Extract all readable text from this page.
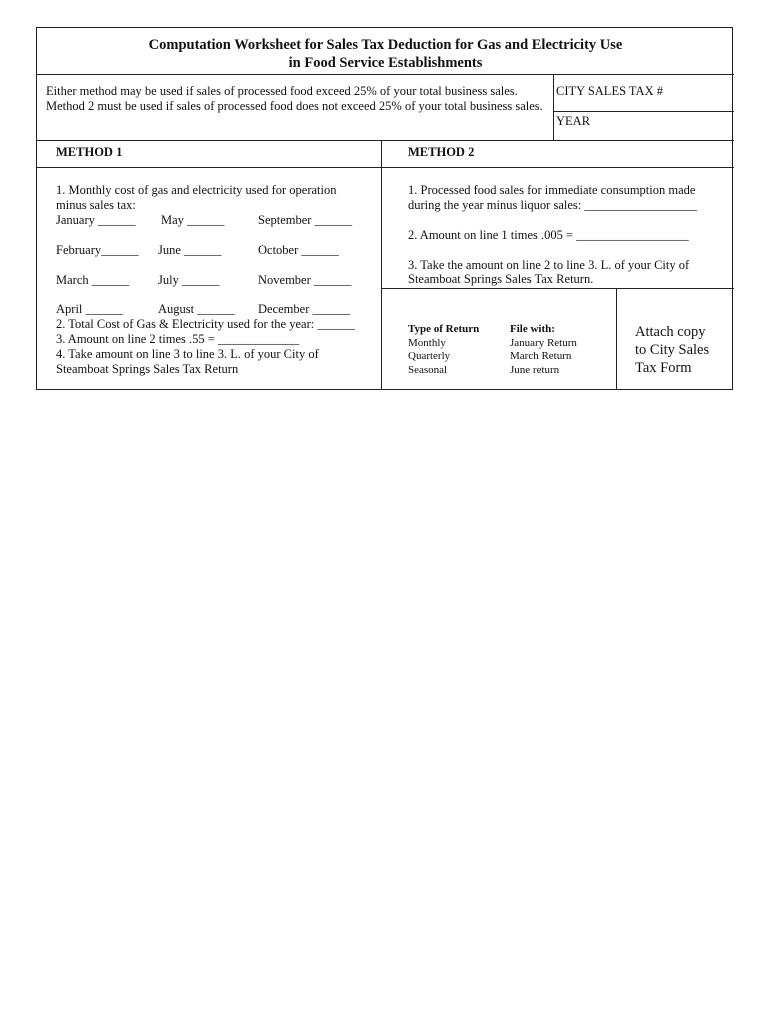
Computation Worksheet for Sales Tax Deduction for Gas and Electricity Use
in Food Service Establishments
Either method may be used if sales of processed food exceed 25% of your total business sales.
Method 2 must be used if sales of processed food does not exceed 25% of your total business sales.
CITY SALES TAX #
YEAR
METHOD 1	METHOD 2
1. Monthly cost of gas and electricity used for operation
minus sales tax:
January ______ May ______	September ______
February______ June ______	October ______
March ______ July ______	November ______
April ______	August ______ December ______
2. Total Cost of Gas & Electricity used for the year: ______
3. Amount on line 2 times .55 = _____________
4. Take amount on line 3 to line 3. L. of your City of
Steamboat Springs Sales Tax Return
1. Processed food sales for immediate consumption made
during the year minus liquor sales: __________________
2. Amount on line 1 times .005 = __________________
3. Take the amount on line 2 to line 3. L. of your City of
Steamboat Springs Sales Tax Return.
Type of Return	File with:
Monthly	January Return
Quarterly	March Return
Seasonal	June return
Attach copy
to City Sales
Tax Form
